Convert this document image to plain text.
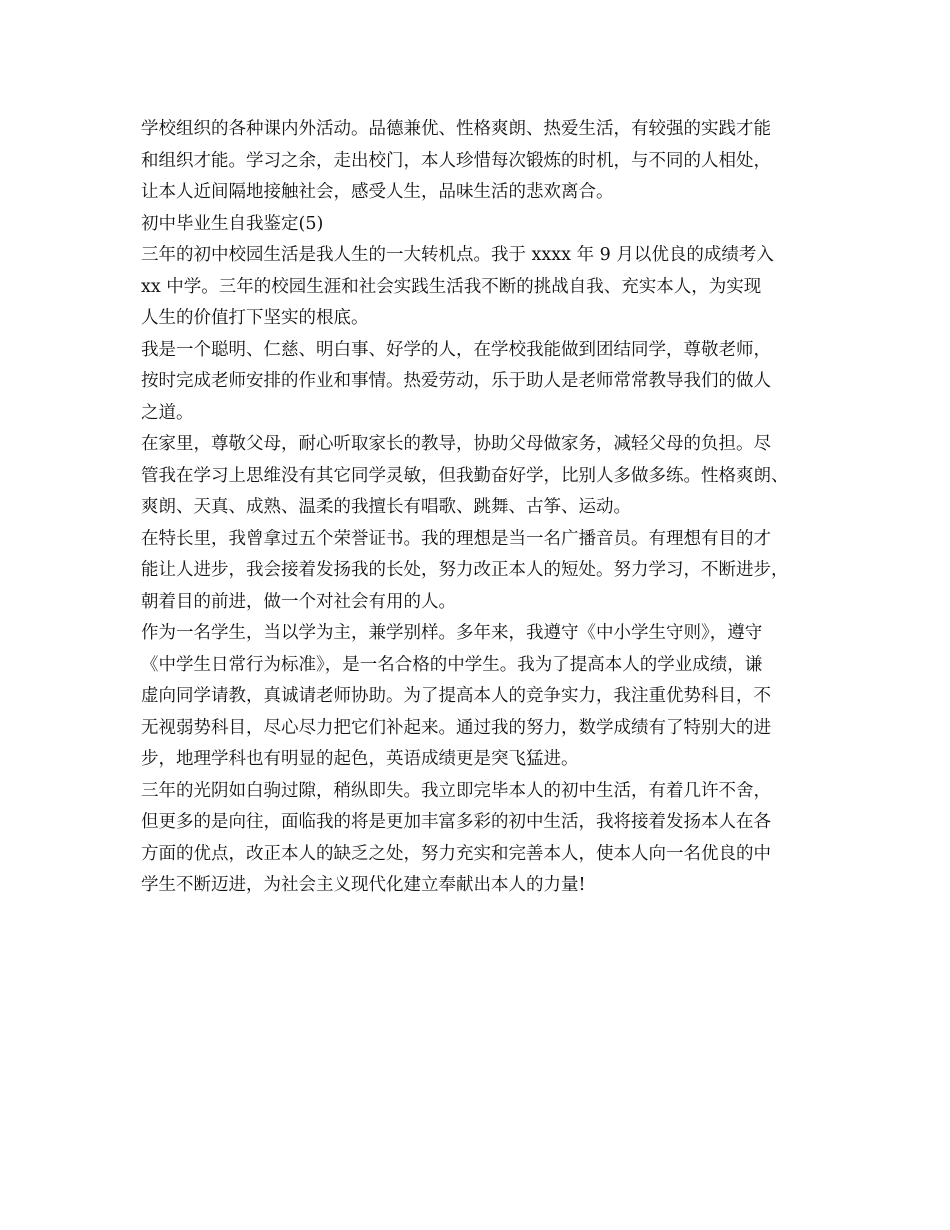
学校组织的各种课内外活动。品德兼优、性格爽朗、热爱生活，有较强的实践才能
和组织才能。学习之余，走出校门，本人珍惜每次锻炼的时机，与不同的人相处，
让本人近间隔地接触社会，感受人生，品味生活的悲欢离合。

初中毕业生自我鉴定(5)

三年的初中校园生活是我人生的一大转机点。我于 xxxx 年 9 月以优良的成绩考入
xx 中学。三年的校园生涯和社会实践生活我不断的挑战自我、充实本人，为实现
人生的价值打下坚实的根底。

我是一个聪明、仁慈、明白事、好学的人，在学校我能做到团结同学，尊敬老师，
按时完成老师安排的作业和事情。热爱劳动，乐于助人是老师常常教导我们的做人
之道。

在家里，尊敬父母，耐心听取家长的教导，协助父母做家务，减轻父母的负担。尽
管我在学习上思维没有其它同学灵敏，但我勤奋好学，比别人多做多练。性格爽朗、
爽朗、天真、成熟、温柔的我擅长有唱歌、跳舞、古筝、运动。

在特长里，我曾拿过五个荣誉证书。我的理想是当一名广播音员。有理想有目的才
能让人进步，我会接着发扬我的长处，努力改正本人的短处。努力学习，不断进步，
朝着目的前进，做一个对社会有用的人。

作为一名学生，当以学为主，兼学别样。多年来，我遵守《中小学生守则》，遵守
《中学生日常行为标准》，是一名合格的中学生。我为了提高本人的学业成绩，谦
虚向同学请教，真诚请老师协助。为了提高本人的竞争实力，我注重优势科目，不
无视弱势科目，尽心尽力把它们补起来。通过我的努力，数学成绩有了特别大的进
步，地理学科也有明显的起色，英语成绩更是突飞猛进。

三年的光阴如白驹过隙，稍纵即失。我立即完毕本人的初中生活，有着几许不舍，
但更多的是向往，面临我的将是更加丰富多彩的初中生活，我将接着发扬本人在各
方面的优点，改正本人的缺乏之处，努力充实和完善本人，使本人向一名优良的中
学生不断迈进，为社会主义现代化建立奉献出本人的力量!
